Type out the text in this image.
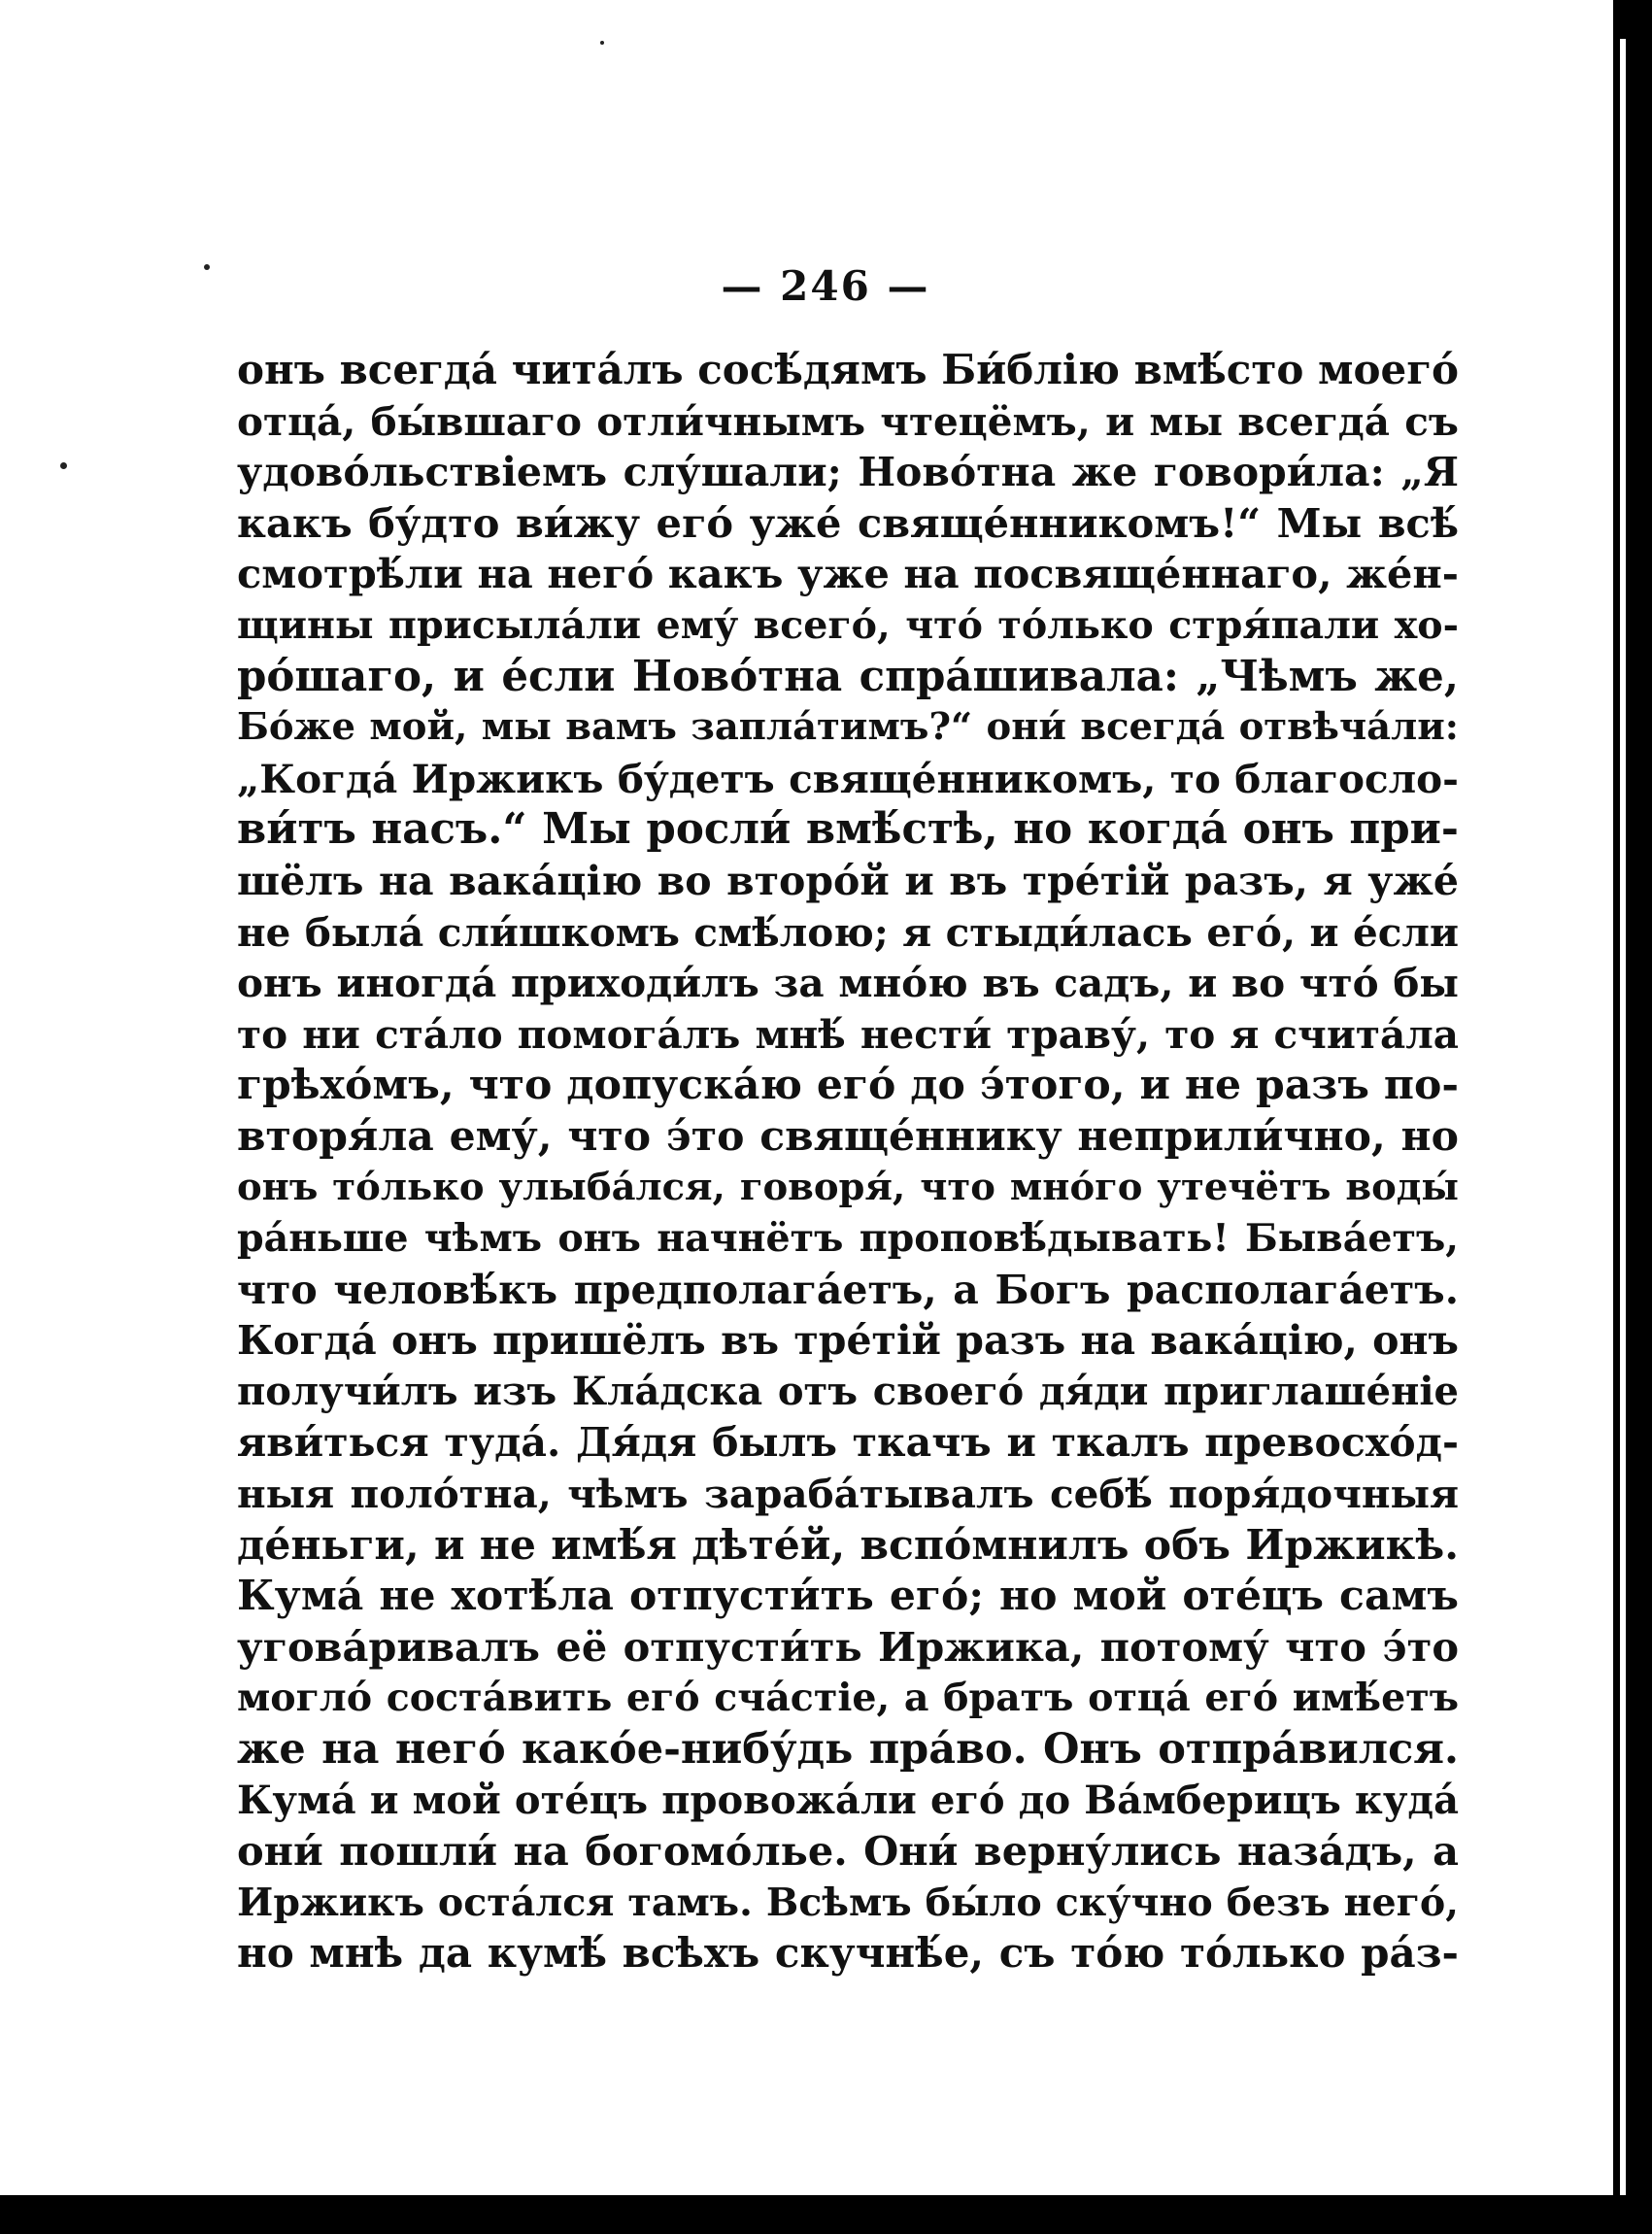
— 246 —
онъ всегда́ чита́лъ сосѣ́дямъ Би́блію вмѣ́сто моего́
отца́, бы́вшаго отли́чнымъ чтецёмъ, и мы всегда́ съ
удово́льствіемъ слу́шали; Ново́тна же говори́ла: „Я
какъ бу́дто ви́жу его́ уже́ свяще́нникомъ!“ Мы всѣ́
смотрѣ́ли на него́ какъ уже на посвяще́ннаго, же́н-
щины присыла́ли ему́ всего́, что́ то́лько стря́пали хо-
ро́шаго, и е́сли Ново́тна спра́шивала: „Чѣмъ же,
Бо́же мой, мы вамъ запла́тимъ?“ они́ всегда́ отвѣча́ли:
„Когда́ Иржикъ бу́детъ свяще́нникомъ, то благосло-
ви́тъ насъ.“ Мы росли́ вмѣ́стѣ, но когда́ онъ при-
шёлъ на вака́цію во второ́й и въ тре́тій разъ, я уже́
не была́ сли́шкомъ смѣ́лою; я стыди́лась его́, и е́сли
онъ иногда́ приходи́лъ за мно́ю въ садъ, и во что́ бы
то ни ста́ло помога́лъ мнѣ́ нести́ траву́, то я счита́ла
грѣхо́мъ, что допуска́ю его́ до э́того, и не разъ по-
вторя́ла ему́, что э́то свяще́ннику неприли́чно, но
онъ то́лько улыба́лся, говоря́, что мно́го утечётъ воды́
ра́ньше чѣмъ онъ начнётъ проповѣ́дывать! Быва́етъ,
что человѣ́къ предполага́етъ, а Богъ располага́етъ.
Когда́ онъ пришёлъ въ тре́тій разъ на вака́цію, онъ
получи́лъ изъ Кла́дска отъ своего́ дя́ди приглаше́ніе
яви́ться туда́. Дя́дя былъ ткачъ и ткалъ превосхо́д-
ныя поло́тна, чѣмъ зараба́тывалъ себѣ́ поря́дочныя
де́ньги, и не имѣ́я дѣте́й, вспо́мнилъ объ Иржикѣ.
Кума́ не хотѣ́ла отпусти́ть его́; но мой оте́цъ самъ
угова́ривалъ её отпусти́ть Иржика, потому́ что э́то
могло́ соста́вить его́ сча́стіе, а братъ отца́ его́ имѣ́етъ
же на него́ како́е-нибу́дь пра́во. Онъ отпра́вился.
Кума́ и мой оте́цъ провожа́ли его́ до Ва́мберицъ куда́
они́ пошли́ на богомо́лье. Они́ верну́лись наза́дъ, а
Иржикъ оста́лся тамъ. Всѣмъ бы́ло ску́чно безъ него́,
но мнѣ да кумѣ́ всѣхъ скучнѣ́е, съ то́ю то́лько ра́з-
